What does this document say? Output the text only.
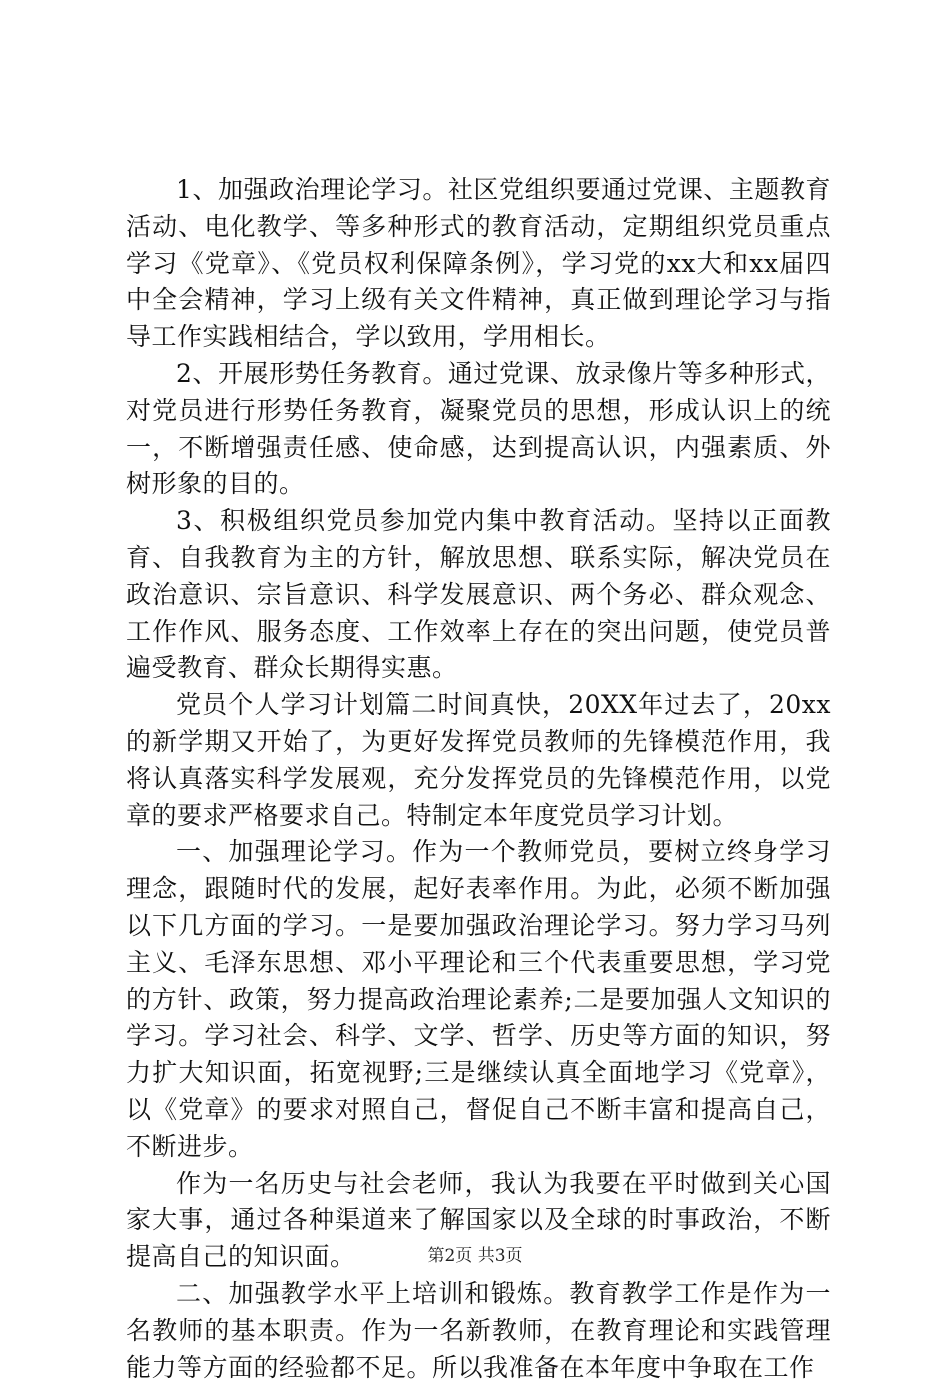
1、加强政治理论学习。社区党组织要通过党课、主题教育活动、电化教学、等多种形式的教育活动，定期组织党员重点学习《党章》、《党员权利保障条例》，学习党的xx大和xx届四中全会精神，学习上级有关文件精神，真正做到理论学习与指导工作实践相结合，学以致用，学用相长。

2、开展形势任务教育。通过党课、放录像片等多种形式，对党员进行形势任务教育，凝聚党员的思想，形成认识上的统一，不断增强责任感、使命感，达到提高认识，内强素质、外树形象的目的。

3、积极组织党员参加党内集中教育活动。坚持以正面教育、自我教育为主的方针，解放思想、联系实际，解决党员在政治意识、宗旨意识、科学发展意识、两个务必、群众观念、工作作风、服务态度、工作效率上存在的突出问题，使党员普遍受教育、群众长期得实惠。

党员个人学习计划篇二时间真快，20XX年过去了，20xx的新学期又开始了，为更好发挥党员教师的先锋模范作用，我将认真落实科学发展观，充分发挥党员的先锋模范作用，以党章的要求严格要求自己。特制定本年度党员学习计划。

一、加强理论学习。作为一个教师党员，要树立终身学习理念，跟随时代的发展，起好表率作用。为此，必须不断加强以下几方面的学习。一是要加强政治理论学习。努力学习马列主义、毛泽东思想、邓小平理论和三个代表重要思想，学习党的方针、政策，努力提高政治理论素养;二是要加强人文知识的学习。学习社会、科学、文学、哲学、历史等方面的知识，努力扩大知识面，拓宽视野;三是继续认真全面地学习《党章》，以《党章》的要求对照自己，督促自己不断丰富和提高自己，不断进步。

作为一名历史与社会老师，我认为我要在平时做到关心国家大事，通过各种渠道来了解国家以及全球的时事政治，不断提高自己的知识面。

二、加强教学水平上培训和锻炼。教育教学工作是作为一名教师的基本职责。作为一名新教师，在教育理论和实践管理能力等方面的经验都不足。所以我准备在本年度中争取在工作

第2页 共3页
